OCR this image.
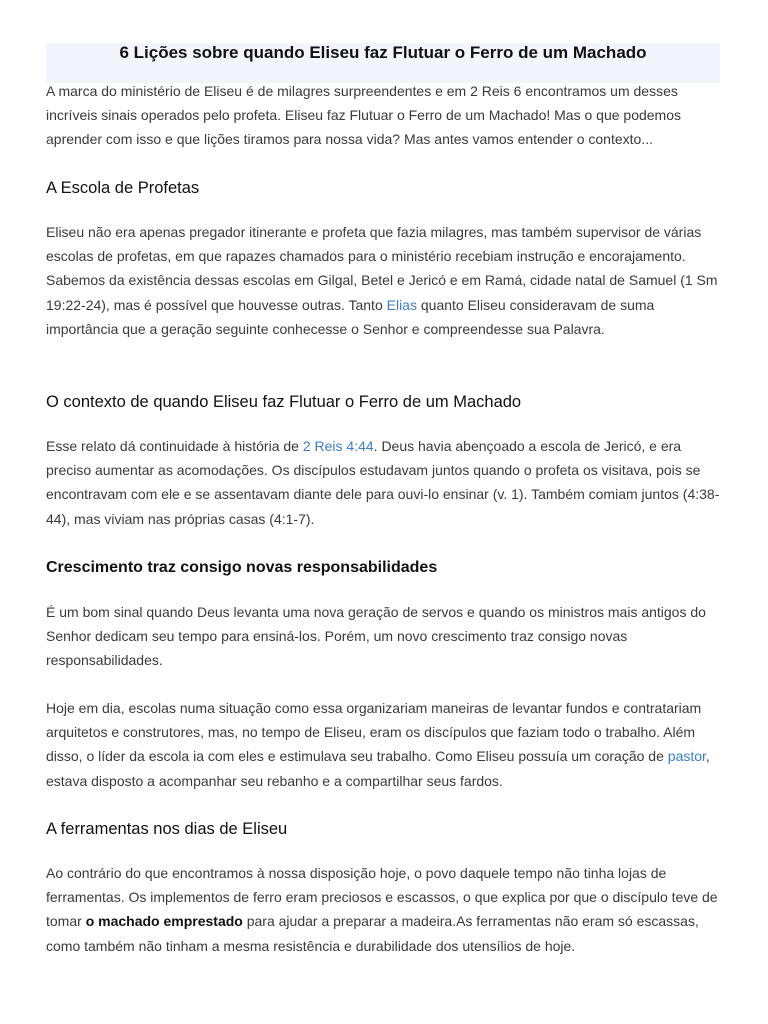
6 Lições sobre quando Eliseu faz Flutuar o Ferro de um Machado

A marca do ministério de Eliseu é de milagres surpreendentes e em 2 Reis 6 encontramos um desses incríveis sinais operados pelo profeta. Eliseu faz Flutuar o Ferro de um Machado! Mas o que podemos aprender com isso e que lições tiramos para nossa vida? Mas antes vamos entender o contexto...

A Escola de Profetas

Eliseu não era apenas pregador itinerante e profeta que fazia milagres, mas também supervisor de várias escolas de profetas, em que rapazes chamados para o ministério recebiam instrução e encorajamento. Sabemos da existência dessas escolas em Gilgal, Betel e Jericó e em Ramá, cidade natal de Samuel (1 Sm 19:22-24), mas é possível que houvesse outras. Tanto Elias quanto Eliseu consideravam de suma importância que a geração seguinte conhecesse o Senhor e compreendesse sua Palavra.

O contexto de quando Eliseu faz Flutuar o Ferro de um Machado

Esse relato dá continuidade à história de 2 Reis 4:44. Deus havia abençoado a escola de Jericó, e era preciso aumentar as acomodações. Os discípulos estudavam juntos quando o profeta os visitava, pois se encontravam com ele e se assentavam diante dele para ouvi-lo ensinar (v. 1). Também comiam juntos (4:38-44), mas viviam nas próprias casas (4:1-7).

Crescimento traz consigo novas responsabilidades

É um bom sinal quando Deus levanta uma nova geração de servos e quando os ministros mais antigos do Senhor dedicam seu tempo para ensiná-los. Porém, um novo crescimento traz consigo novas responsabilidades.

Hoje em dia, escolas numa situação como essa organizariam maneiras de levantar fundos e contratariam arquitetos e construtores, mas, no tempo de Eliseu, eram os discípulos que faziam todo o trabalho. Além disso, o líder da escola ia com eles e estimulava seu trabalho. Como Eliseu possuía um coração de pastor, estava disposto a acompanhar seu rebanho e a compartilhar seus fardos.

A ferramentas nos dias de Eliseu

Ao contrário do que encontramos à nossa disposição hoje, o povo daquele tempo não tinha lojas de ferramentas. Os implementos de ferro eram preciosos e escassos, o que explica por que o discípulo teve de tomar o machado emprestado para ajudar a preparar a madeira.As ferramentas não eram só escassas, como também não tinham a mesma resistência e durabilidade dos utensílios de hoje.
